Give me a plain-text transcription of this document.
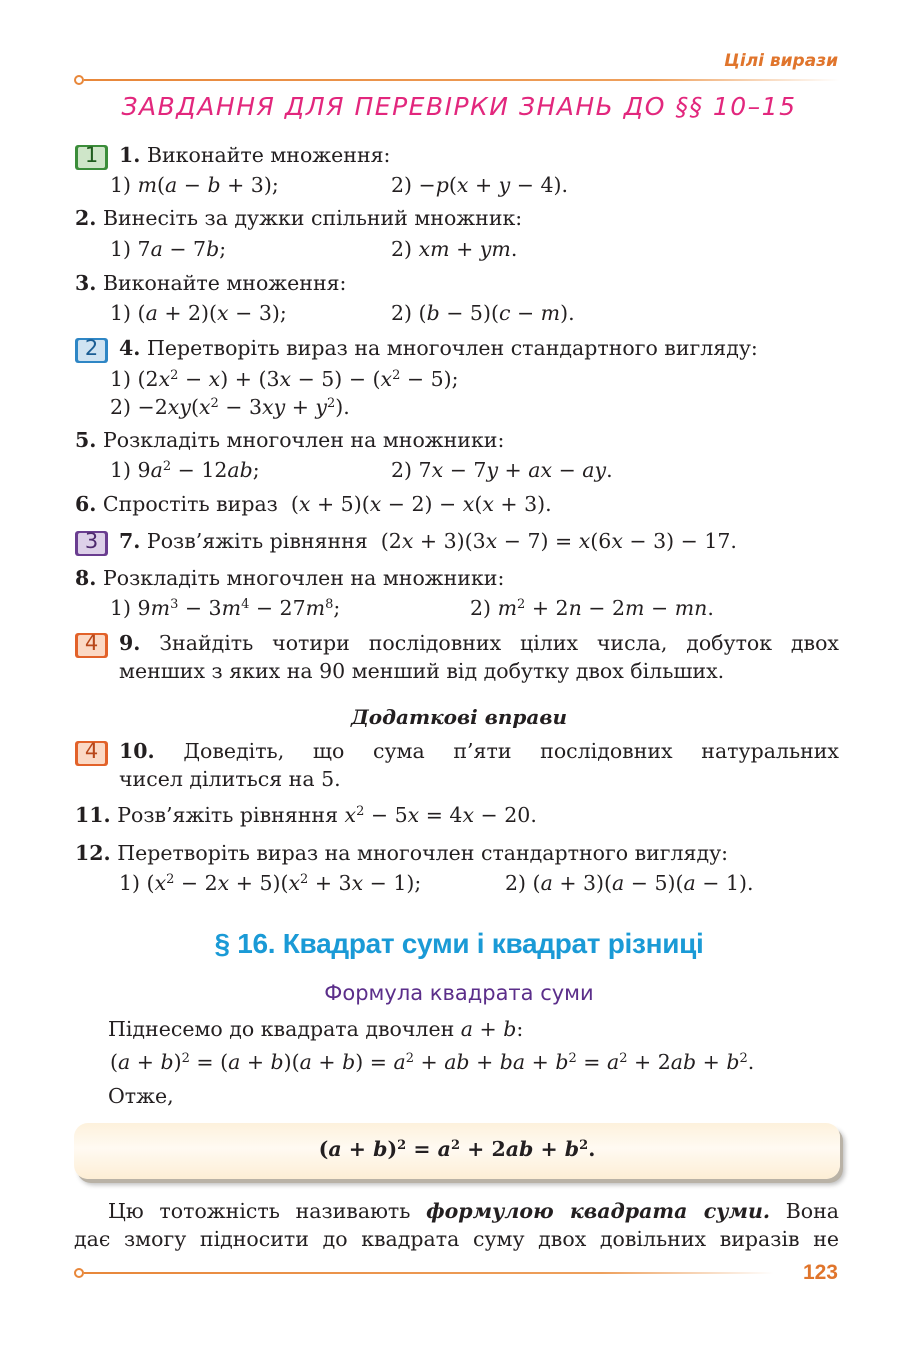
Цілі вирази
ЗАВДАННЯ ДЛЯ ПЕРЕВІРКИ ЗНАНЬ ДО §§ 10–15
1	1. Виконайте множення:
1) m(a − b + 3);	2) −p(x + y − 4).
2. Винесіть за дужки спільний множник:
1) 7a − 7b;	2) xm + ym.
3. Виконайте множення:
1) (a + 2)(x − 3);	2) (b − 5)(c − m).
2	4. Перетворіть вираз на многочлен стандартного вигляду:
1) $(2x^2 - x) + (3x - 5) - (x^2 - 5)$;
$2) -2xy(x^2 - 3xy + y^2)$.
5. Розкладіть многочлен на множники:
1) $9a^2 - 12ab$;	2) 7x − 7y + ax − ay.
6. Спростіть вираз  (x + 5)(x − 2) − x(x + 3).
3	7. Розв’яжіть рівняння  (2x + 3)(3x − 7) = x(6x − 3) − 17.
8. Розкладіть многочлен на множники:
1) $9m^3 - 3m^4 - 27m^8$;	2) $m^2 + 2n - 2m$ − mn.
4	9. Знайдіть чотири послідовних цілих числа, добуток двох
менших з яких на 90 менший від добутку двох більших.
Додаткові вправи
4	10. Доведіть, що сума п’яти послідовних натуральних
чисел ділиться на 5.
11. Розв’яжіть рівняння $x^2 - 5x = 4x - 20$.
12. Перетворіть вираз на многочлен стандартного вигляду:
1) $(x^2 - 2x + 5)(x^2 + 3x - 1)$;	2) (a + 3)(a − 5)(a − 1).
§ 16. Квадрат суми і квадрат різниці
Формула квадрата суми
Піднесемо до квадрата двочлен a + b:
$(a + b)^2 = (a + b)(a + b) = a^2$ + ab + ba + $b^2 = a^2 + 2ab + b^2$.
Отже,
$(a + b)^2 = a^2 + 2ab + b^2$.
Цю тотожність називають формулою квадрата суми. Вона
дає змогу підносити до квадрата суму двох довільних виразів не
123
